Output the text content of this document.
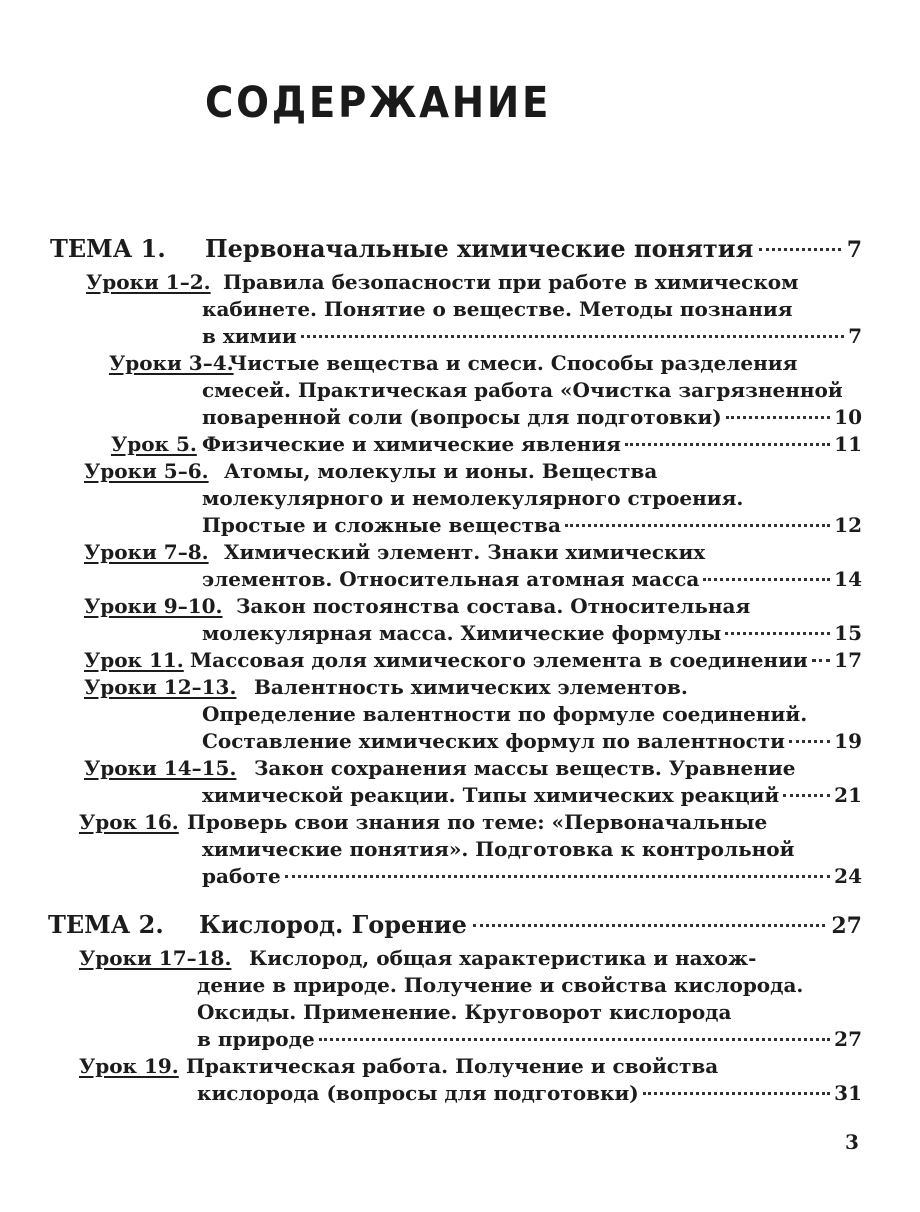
СОДЕРЖАНИЕ
ТЕМА 1. Первоначальные химические понятия	7
Уроки 1–2. Правила безопасности при работе в химическом
кабинете. Понятие о веществе. Методы познания
в химии	7
Уроки 3–4.
Чистые вещества и смеси. Способы разделения
смесей. Практическая работа «Очистка загрязненной
поваренной соли (вопросы для подготовки)	10
Урок 5. Физические и химические явления	11
Уроки 5–6. Атомы, молекулы и ионы. Вещества
молекулярного и немолекулярного строения.
Простые и сложные вещества	12
Уроки 7–8. Химический элемент. Знаки химических
элементов. Относительная атомная масса	14
Уроки 9–10. Закон постоянства состава. Относительная
молекулярная масса. Химические формулы	15
Урок 11. Массовая доля химического элемента в соединении 17
Уроки 12–13. Валентность химических элементов.
Определение валентности по формуле соединений.
Составление химических формул по валентности 19
Уроки 14–15. Закон сохранения массы веществ. Уравнение
химической реакции. Типы химических реакций	21
Урок 16. Проверь свои знания по теме: «Первоначальные
химические понятия». Подготовка к контрольной
работе	24
ТЕМА 2. Кислород. Горение	27
Уроки 17–18. Кислород, общая характеристика и нахож-
дение в природе. Получение и свойства кислорода.
Оксиды. Применение. Круговорот кислорода
в природе	27
Урок 19. Практическая работа. Получение и свойства
кислорода (вопросы для подготовки)	31

3
